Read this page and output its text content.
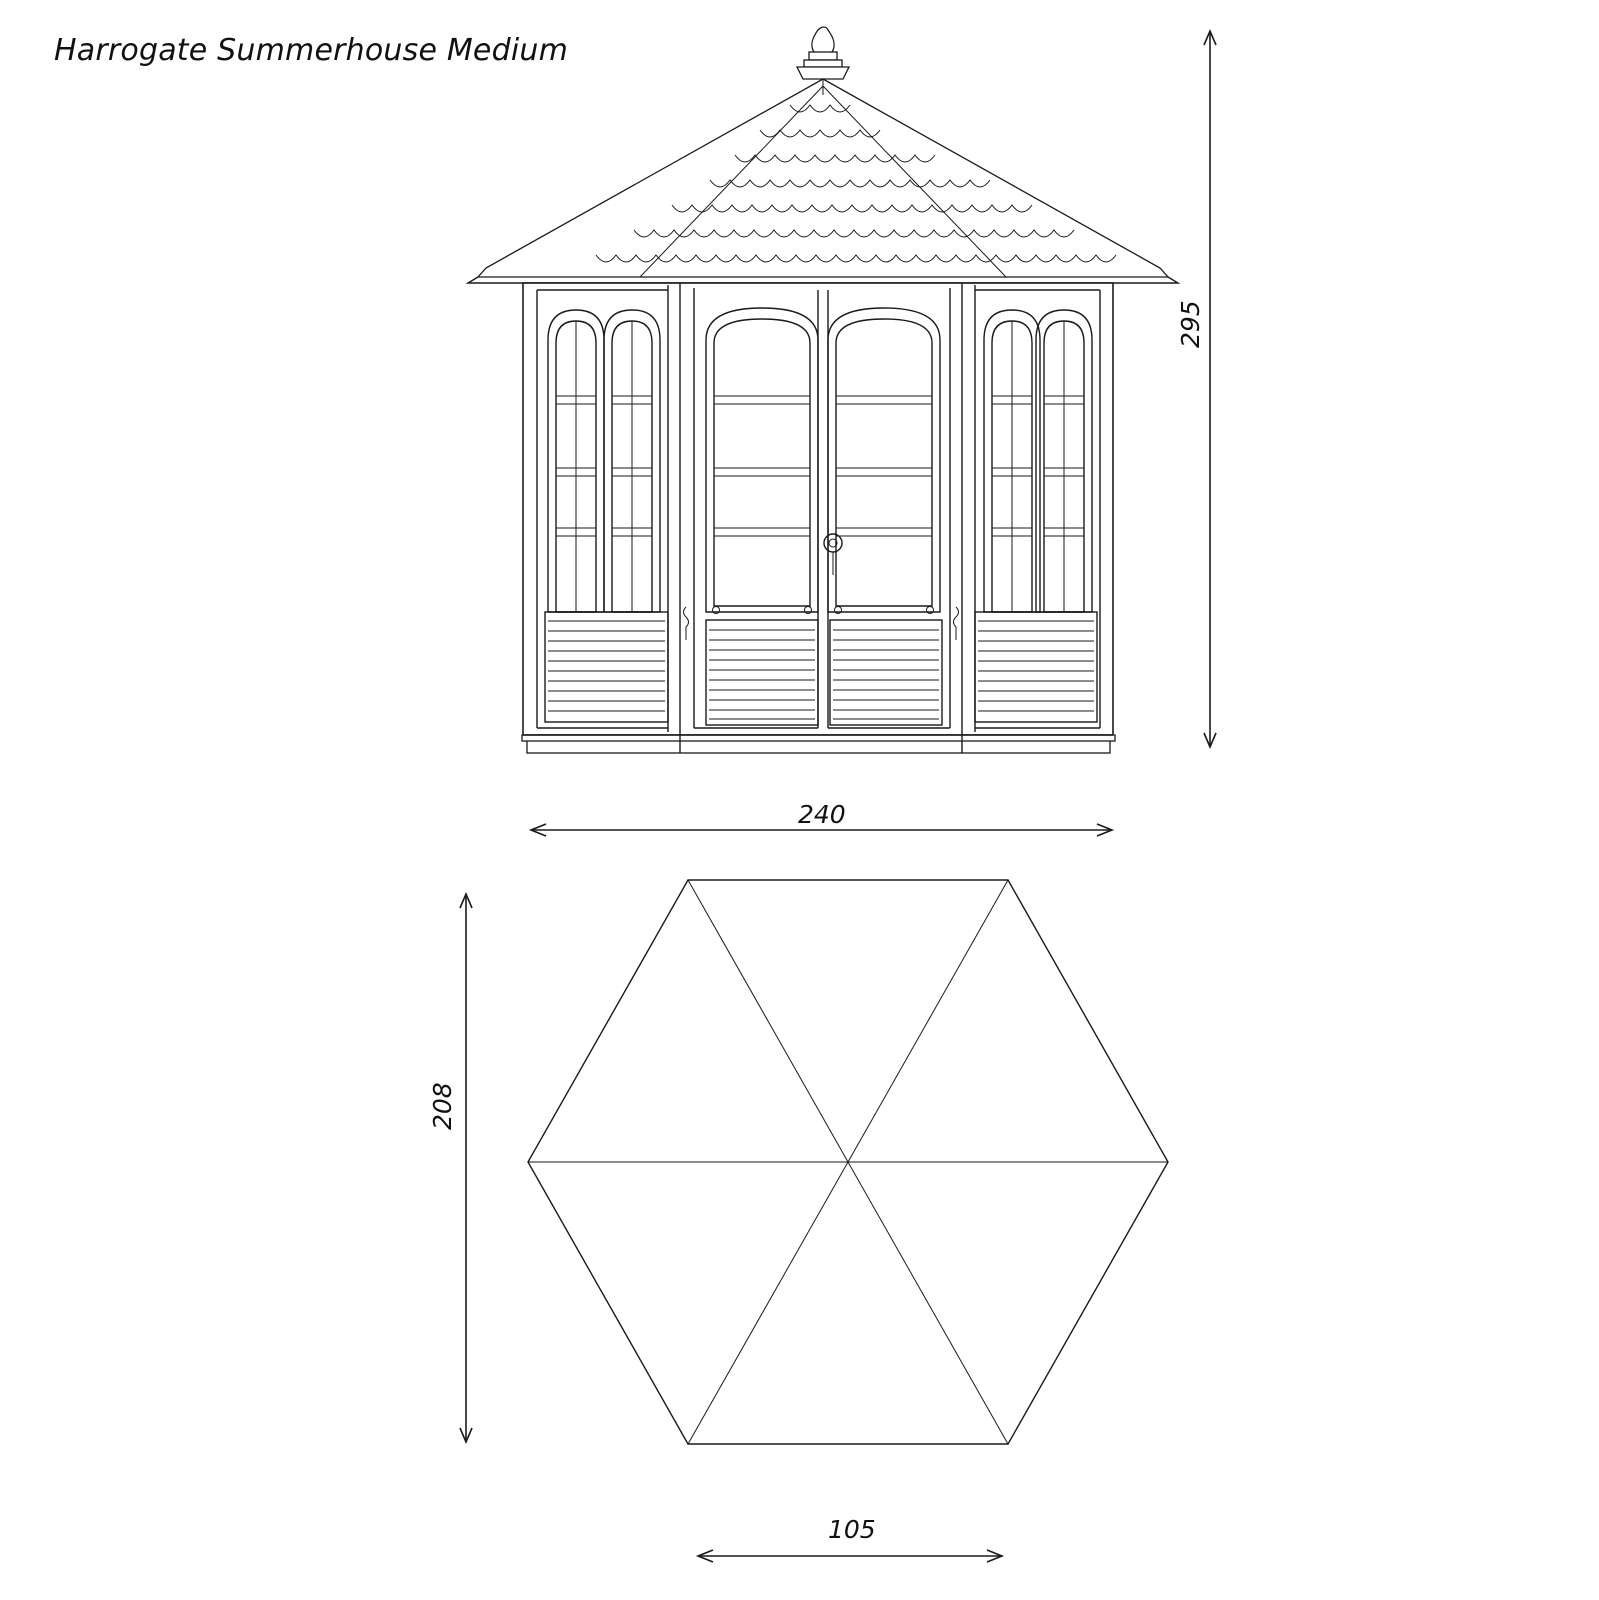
Harrogate Summerhouse Medium
295
240
208
105
